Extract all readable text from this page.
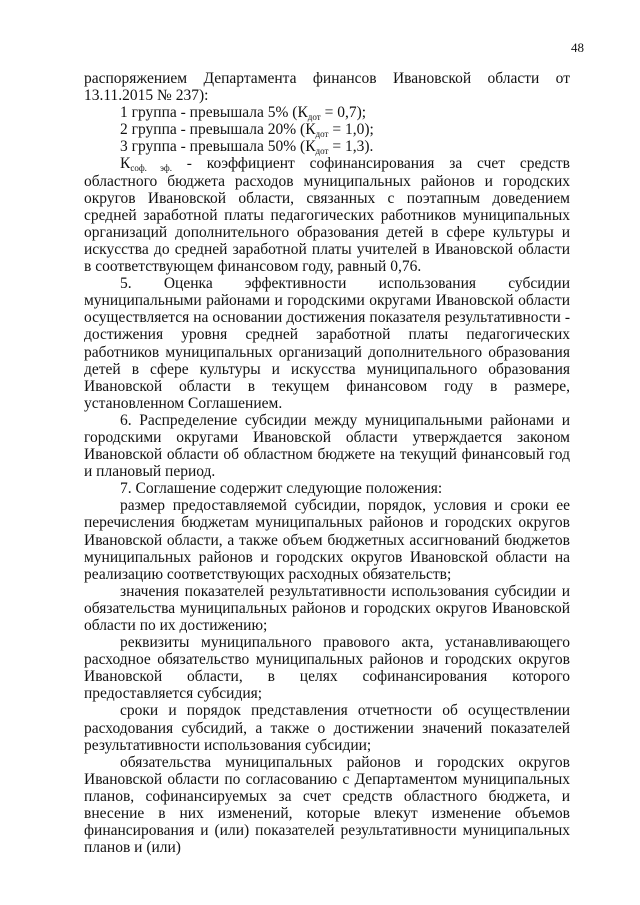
48

распоряжением Департамента финансов Ивановской области от 13.11.2015 № 237):

1 группа - превышала 5% $(К_{дот} = 0,7)$;

2 группа - превышала 20% $(К_{дот} = 1,0)$;

3 группа - превышала 50% $(К_{дот} = 1,3)$.

$К_{соф. эф.}$ - коэффициент софинансирования за счет средств областного бюджета расходов муниципальных районов и городских округов Ивановской области, связанных с поэтапным доведением средней заработной платы педагогических работников муниципальных организаций дополнительного образования детей в сфере культуры и искусства до средней заработной платы учителей в Ивановской области в соответствующем финансовом году, равный 0,76.

5. Оценка эффективности использования субсидии муниципальными районами и городскими округами Ивановской области осуществляется на основании достижения показателя результативности - достижения уровня средней заработной платы педагогических работников муниципальных организаций дополнительного образования детей в сфере культуры и искусства муниципального образования Ивановской области в текущем финансовом году в размере, установленном Соглашением.

6. Распределение субсидии между муниципальными районами и городскими округами Ивановской области утверждается законом Ивановской области об областном бюджете на текущий финансовый год и плановый период.

7. Соглашение содержит следующие положения:

размер предоставляемой субсидии, порядок, условия и сроки ее перечисления бюджетам муниципальных районов и городских округов Ивановской области, а также объем бюджетных ассигнований бюджетов муниципальных районов и городских округов Ивановской области на реализацию соответствующих расходных обязательств;

значения показателей результативности использования субсидии и обязательства муниципальных районов и городских округов Ивановской области по их достижению;

реквизиты муниципального правового акта, устанавливающего расходное обязательство муниципальных районов и городских округов Ивановской области, в целях софинансирования которого предоставляется субсидия;

сроки и порядок представления отчетности об осуществлении расходования субсидий, а также о достижении значений показателей результативности использования субсидии;

обязательства муниципальных районов и городских округов Ивановской области по согласованию с Департаментом муниципальных планов, софинансируемых за счет средств областного бюджета, и внесение в них изменений, которые влекут изменение объемов финансирования и (или) показателей результативности муниципальных планов и (или)
